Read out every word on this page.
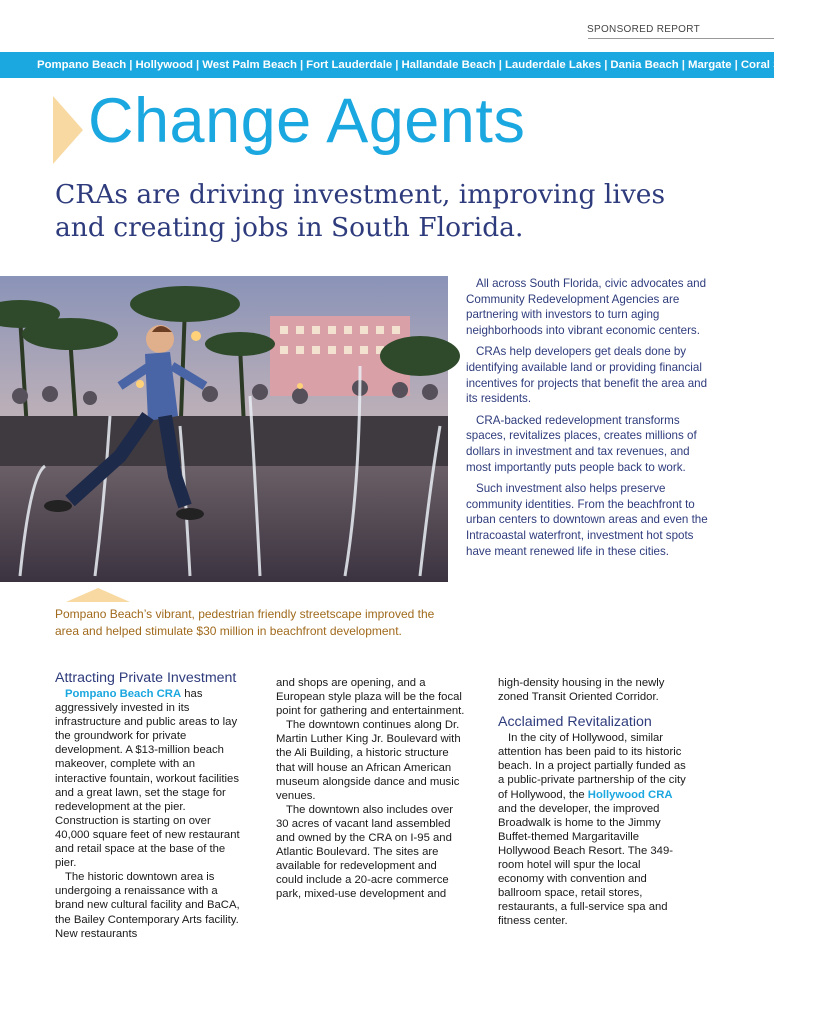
SPONSORED REPORT
Pompano Beach | Hollywood | West Palm Beach | Fort Lauderdale | Hallandale Beach | Lauderdale Lakes | Dania Beach | Margate | Coral Springs
Change Agents
CRAs are driving investment, improving lives and creating jobs in South Florida.

All across South Florida, civic advocates and Community Redevelopment Agencies are partnering with investors to turn aging neighborhoods into vibrant economic centers.

CRAs help developers get deals done by identifying available land or providing financial incentives for projects that benefit the area and its residents.

CRA-backed redevelopment transforms spaces, revitalizes places, creates millions of dollars in investment and tax revenues, and most importantly puts people back to work.

Such investment also helps preserve community identities. From the beachfront to urban centers to downtown areas and even the Intracoastal waterfront, investment hot spots have meant renewed life in these cities.

Pompano Beach’s vibrant, pedestrian friendly streetscape improved the area and helped stimulate $30 million in beachfront development.
Attracting Private Investment

Pompano Beach CRA has aggressively invested in its infrastructure and public areas to lay the groundwork for private development. A $13-million beach makeover, complete with an interactive fountain, workout facilities and a great lawn, set the stage for redevelopment at the pier. Construction is starting on over 40,000 square feet of new restaurant and retail space at the base of the pier.

The historic downtown area is undergoing a renaissance with a brand new cultural facility and BaCA, the Bailey Contemporary Arts facility. New restaurants

and shops are opening, and a European style plaza will be the focal point for gathering and entertainment.

The downtown continues along Dr. Martin Luther King Jr. Boulevard with the Ali Building, a historic structure that will house an African American museum alongside dance and music venues.

The downtown also includes over 30 acres of vacant land assembled and owned by the CRA on I-95 and Atlantic Boulevard. The sites are available for redevelopment and could include a 20-acre commerce park, mixed-use development and

high-density housing in the newly zoned Transit Oriented Corridor.

Acclaimed Revitalization

In the city of Hollywood, similar attention has been paid to its historic beach. In a project partially funded as a public-private partnership of the city of Hollywood, the Hollywood CRA and the developer, the improved Broadwalk is home to the Jimmy Buffet-themed Margaritaville Hollywood Beach Resort. The 349-room hotel will spur the local economy with convention and ballroom space, retail stores, restaurants, a full-service spa and fitness center.
